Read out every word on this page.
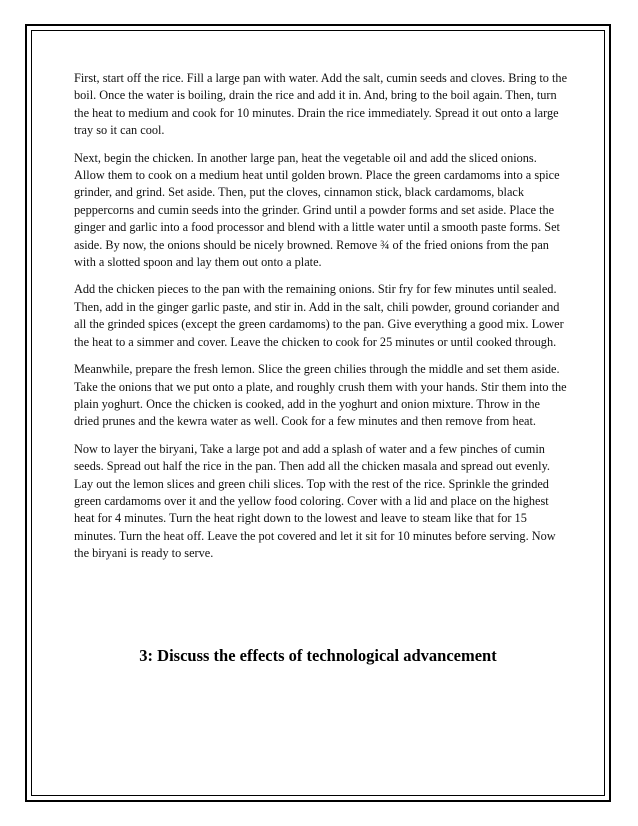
First, start off the rice. Fill a large pan with water. Add the salt, cumin seeds and cloves. Bring to the boil. Once the water is boiling, drain the rice and add it in. And, bring to the boil again. Then, turn the heat to medium and cook for 10 minutes. Drain the rice immediately. Spread it out onto a large tray so it can cool.

Next, begin the chicken. In another large pan, heat the vegetable oil and add the sliced onions. Allow them to cook on a medium heat until golden brown. Place the green cardamoms into a spice grinder, and grind. Set aside. Then, put the cloves, cinnamon stick, black cardamoms, black peppercorns and cumin seeds into the grinder. Grind until a powder forms and set aside. Place the ginger and garlic into a food processor and blend with a little water until a smooth paste forms. Set aside. By now, the onions should be nicely browned. Remove ¾ of the fried onions from the pan with a slotted spoon and lay them out onto a plate.

Add the chicken pieces to the pan with the remaining onions. Stir fry for few minutes until sealed. Then, add in the ginger garlic paste, and stir in. Add in the salt, chili powder, ground coriander and all the grinded spices (except the green cardamoms) to the pan. Give everything a good mix. Lower the heat to a simmer and cover. Leave the chicken to cook for 25 minutes or until cooked through.

Meanwhile, prepare the fresh lemon. Slice the green chilies through the middle and set them aside. Take the onions that we put onto a plate, and roughly crush them with your hands. Stir them into the plain yoghurt. Once the chicken is cooked, add in the yoghurt and onion mixture. Throw in the dried prunes and the kewra water as well. Cook for a few minutes and then remove from heat.

Now to layer the biryani, Take a large pot and add a splash of water and a few pinches of cumin seeds. Spread out half the rice in the pan. Then add all the chicken masala and spread out evenly. Lay out the lemon slices and green chili slices. Top with the rest of the rice. Sprinkle the grinded green cardamoms over it and the yellow food coloring. Cover with a lid and place on the highest heat for 4 minutes. Turn the heat right down to the lowest and leave to steam like that for 15 minutes. Turn the heat off. Leave the pot covered and let it sit for 10 minutes before serving. Now the biryani is ready to serve.

3: Discuss the effects of technological advancement
